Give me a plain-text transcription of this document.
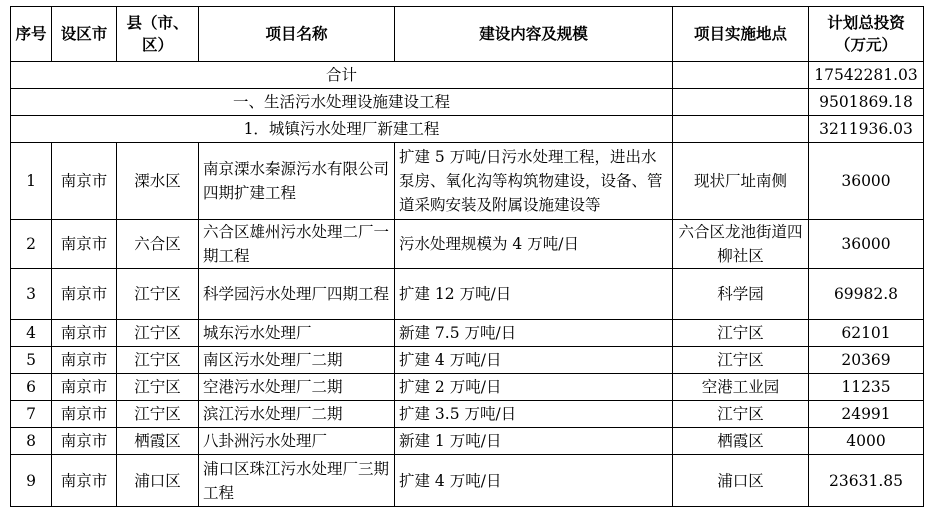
序号	设区市	县（市、区）	项目名称	建设内容及规模	项目实施地点	计划总投资（万元）
合计						17542281.03
一、生活污水处理设施建设工程						9501869.18
1．城镇污水处理厂新建工程						3211936.03
1	南京市	溧水区	南京溧水秦源污水有限公司四期扩建工程	扩建 5 万吨/日污水处理工程，进出水泵房、氧化沟等构筑物建设，设备、管道采购安装及附属设施建设等	现状厂址南侧	36000
2	南京市	六合区	六合区雄州污水处理二厂一期工程	污水处理规模为 4 万吨/日	六合区龙池街道四柳社区	36000
3	南京市	江宁区	科学园污水处理厂四期工程	扩建 12 万吨/日	科学园	69982.8
4	南京市	江宁区	城东污水处理厂	新建 7.5 万吨/日	江宁区	62101
5	南京市	江宁区	南区污水处理厂二期	扩建 4 万吨/日	江宁区	20369
6	南京市	江宁区	空港污水处理厂二期	扩建 2 万吨/日	空港工业园	11235
7	南京市	江宁区	滨江污水处理厂二期	扩建 3.5 万吨/日	江宁区	24991
8	南京市	栖霞区	八卦洲污水处理厂	新建 1 万吨/日	栖霞区	4000
9	南京市	浦口区	浦口区珠江污水处理厂三期工程	扩建 4 万吨/日	浦口区	23631.85
